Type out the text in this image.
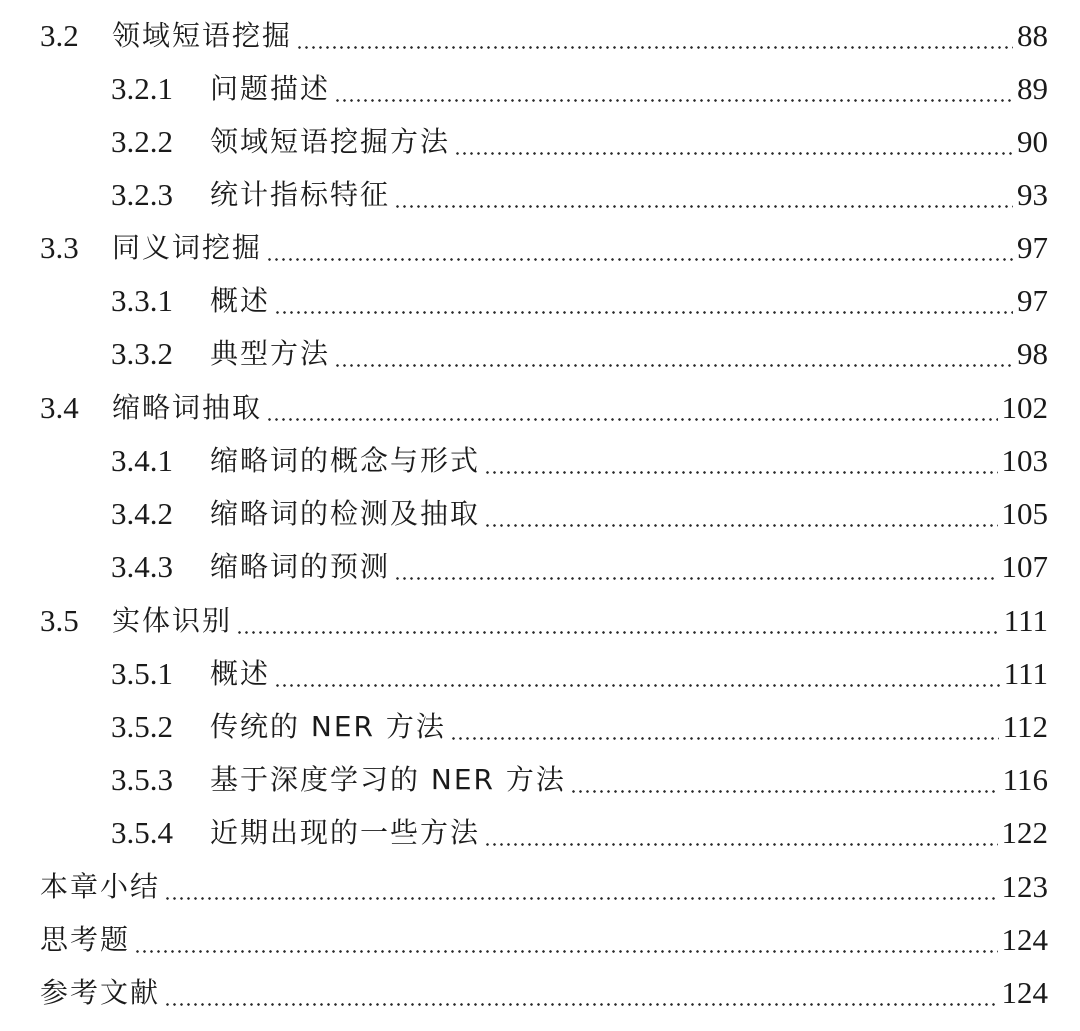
3.2	领域短语挖掘	88
3.2.1	问题描述	89
3.2.2	领域短语挖掘方法	90
3.2.3	统计指标特征	93
3.3	同义词挖掘	97
3.3.1	概述	97
3.3.2	典型方法	98
3.4	缩略词抽取	102
3.4.1	缩略词的概念与形式	103
3.4.2	缩略词的检测及抽取	105
3.4.3	缩略词的预测	107
3.5	实体识别	111
3.5.1	概述	111
3.5.2	传统的 NER 方法	112
3.5.3	基于深度学习的 NER 方法	116
3.5.4	近期出现的一些方法	122
本章小结	123
思考题	124
参考文献	124
